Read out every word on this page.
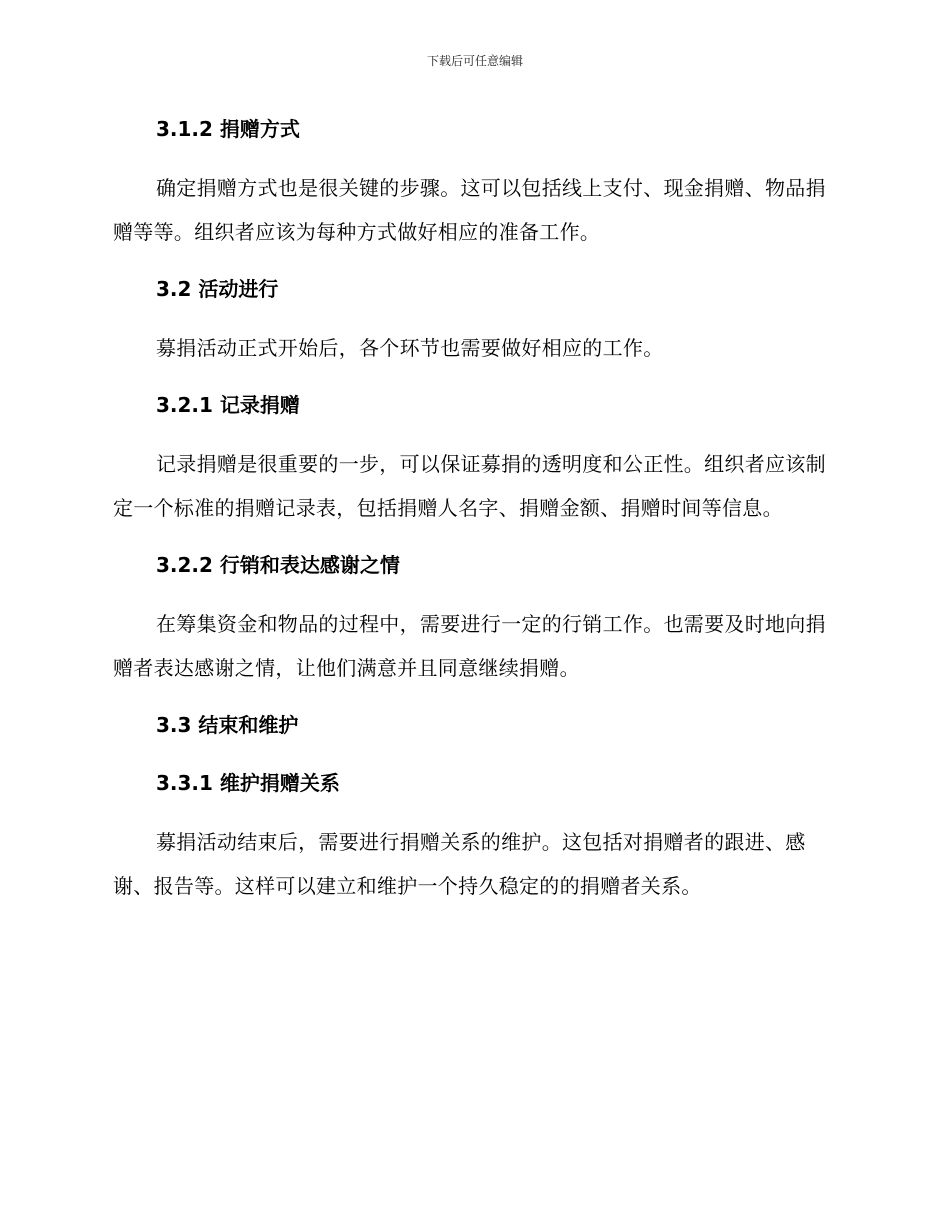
下载后可任意编辑
3.1.2 捐赠方式

确定捐赠方式也是很关键的步骤。这可以包括线上支付、现金捐赠、物品捐赠等等。组织者应该为每种方式做好相应的准备工作。

3.2 活动进行

募捐活动正式开始后，各个环节也需要做好相应的工作。

3.2.1 记录捐赠

记录捐赠是很重要的一步，可以保证募捐的透明度和公正性。组织者应该制定一个标准的捐赠记录表，包括捐赠人名字、捐赠金额、捐赠时间等信息。

3.2.2 行销和表达感谢之情

在筹集资金和物品的过程中，需要进行一定的行销工作。也需要及时地向捐赠者表达感谢之情，让他们满意并且同意继续捐赠。

3.3 结束和维护
3.3.1 维护捐赠关系

募捐活动结束后，需要进行捐赠关系的维护。这包括对捐赠者的跟进、感谢、报告等。这样可以建立和维护一个持久稳定的的捐赠者关系。
